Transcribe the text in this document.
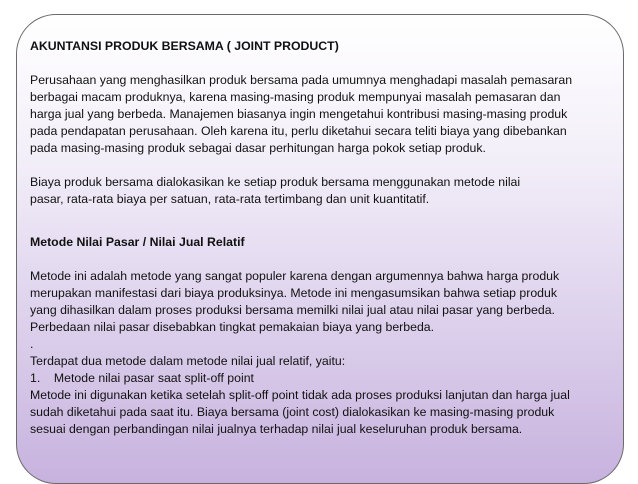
AKUNTANSI PRODUK BERSAMA ( JOINT PRODUCT)
Perusahaan yang menghasilkan produk bersama pada umumnya menghadapi masalah pemasaran
berbagai macam produknya, karena masing-masing produk mempunyai masalah pemasaran dan
harga jual yang berbeda. Manajemen biasanya ingin mengetahui kontribusi masing-masing produk
pada pendapatan perusahaan. Oleh karena itu, perlu diketahui secara teliti biaya yang dibebankan
pada masing-masing produk sebagai dasar perhitungan harga pokok setiap produk.
Biaya produk bersama dialokasikan ke setiap produk bersama menggunakan metode nilai
pasar, rata-rata biaya per satuan, rata-rata tertimbang dan unit kuantitatif.
Metode Nilai Pasar / Nilai Jual Relatif
Metode ini adalah metode yang sangat populer karena dengan argumennya bahwa harga produk
merupakan manifestasi dari biaya produksinya. Metode ini mengasumsikan bahwa setiap produk
yang dihasilkan dalam proses produksi bersama memilki nilai jual atau nilai pasar yang berbeda.
Perbedaan nilai pasar disebabkan tingkat pemakaian biaya yang berbeda.
.
Terdapat dua metode dalam metode nilai jual relatif, yaitu:
1.    Metode nilai pasar saat split-off point
Metode ini digunakan ketika setelah split-off point tidak ada proses produksi lanjutan dan harga jual
sudah diketahui pada saat itu. Biaya bersama (joint cost) dialokasikan ke masing-masing produk
sesuai dengan perbandingan nilai jualnya terhadap nilai jual keseluruhan produk bersama.
